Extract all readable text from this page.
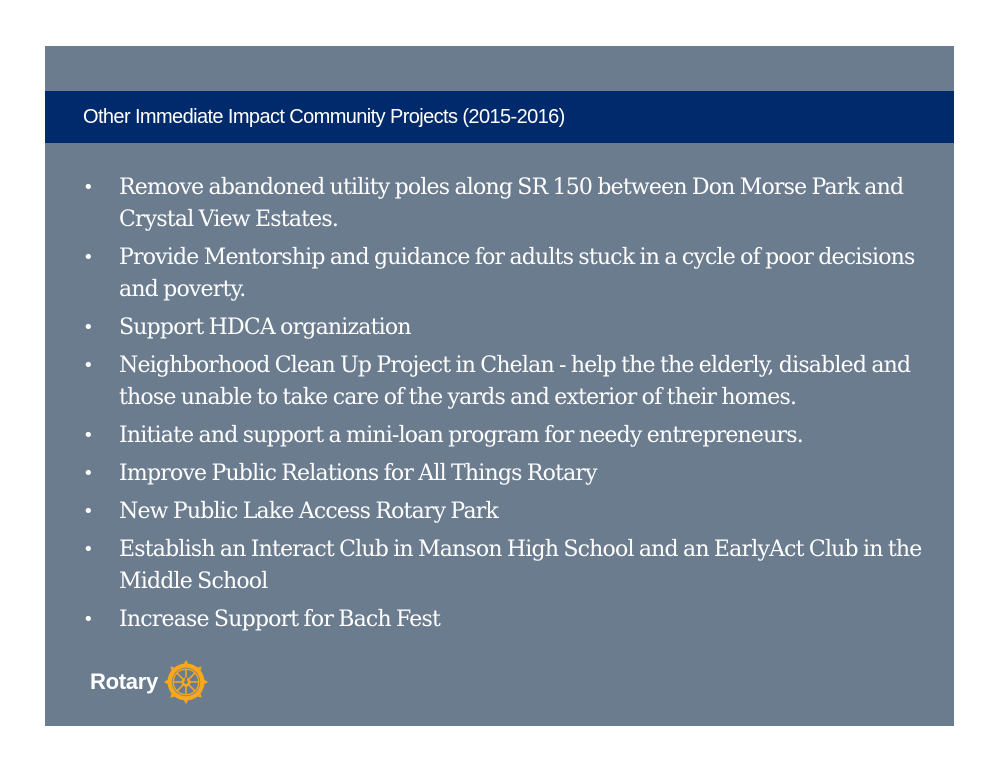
Other Immediate Impact Community Projects (2015-2016)
•	Remove abandoned utility poles along SR 150 between Don Morse Park and Crystal View Estates.
•	Provide Mentorship and guidance for adults stuck in a cycle of poor decisions and poverty.
•	Support HDCA organization
•	Neighborhood Clean Up Project in Chelan - help the the elderly, disabled and those unable to take care of the yards and exterior of their homes.
•	Initiate and support a mini-loan program for needy entrepreneurs.
•	Improve Public Relations for All Things Rotary
•	New Public Lake Access Rotary Park
•	Establish an Interact Club in Manson High School and an EarlyAct Club in the Middle School
•	Increase Support for Bach Fest
Rotary
